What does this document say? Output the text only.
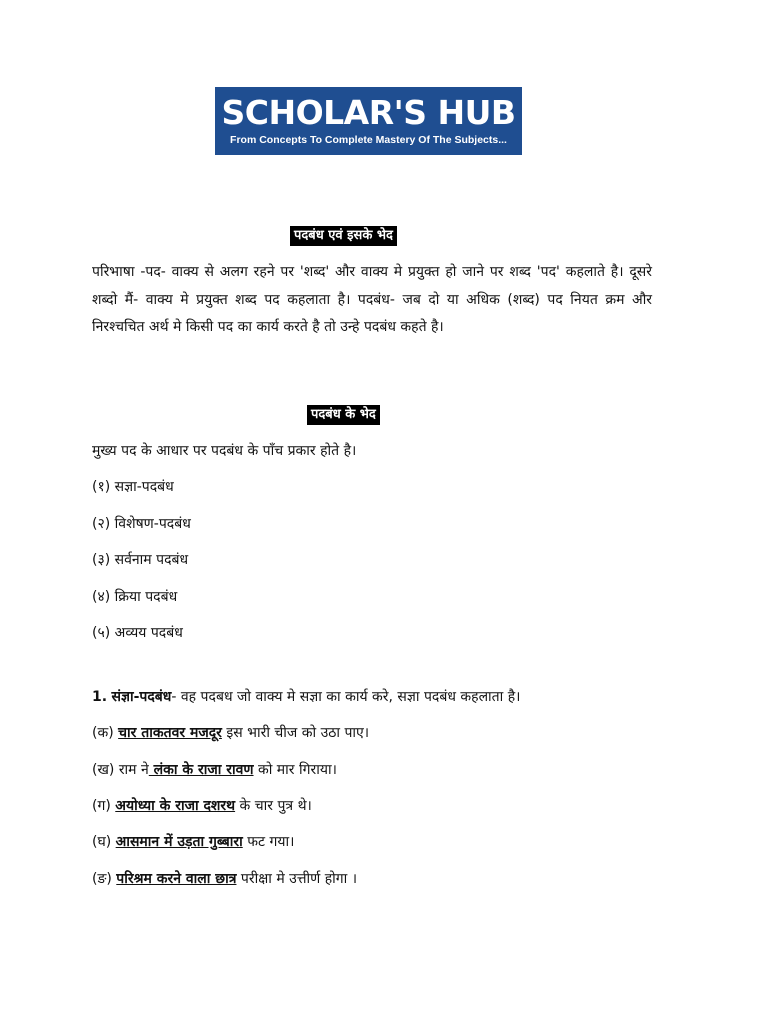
SCHOLAR'S HUB
From Concepts To Complete Mastery Of The Subjects...
पदबंध एवं इसके भेद
परिभाषा -पद- वाक्य से अलग रहने पर 'शब्द' और वाक्य मे प्रयुक्त हो जाने पर शब्द 'पद' कहलाते है। दूसरे शब्दो मैं- वाक्य मे प्रयुक्त शब्द पद कहलाता है। पदबंध- जब दो या अधिक (शब्द) पद नियत क्रम और निरश्चचित अर्थ मे किसी पद का कार्य करते है तो उन्हे पदबंध कहते है।
पदबंध के भेद
मुख्य पद के आधार पर पदबंध के पाँच प्रकार होते है।
(१) सज्ञा-पदबंध
(२) विशेषण-पदबंध
(३) सर्वनाम पदबंध
(४) क्रिया पदबंध
(५) अव्यय पदबंध
1. संज्ञा-पदबंध- वह पदबध जो वाक्य मे सज्ञा का कार्य करे, सज्ञा पदबंध कहलाता है।
(क) चार ताकतवर मजदूर इस भारी चीज को उठा पाए।
(ख) राम ने लंका के राजा रावण को मार गिराया।
(ग) अयोध्या के राजा दशरथ के चार पुत्र थे।
(घ) आसमान में उड़ता गुब्बारा फट गया।
(ङ) परिश्रम करने वाला छात्र परीक्षा मे उत्तीर्ण होगा ।
